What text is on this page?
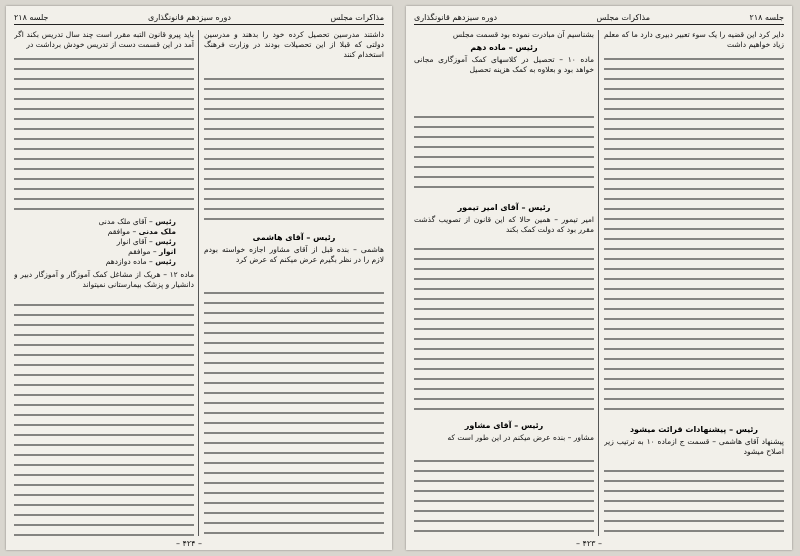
مذاکرات مجلس
دوره سیزدهم قانونگذاری
جلسه ۲۱۸

داشتند مدرسین تحصیل کرده خود را بدهند و مدرسین دولتی که قبلا از این تحصیلات بودند در وزارت فرهنگ استخدام کنند

رئیس – آقای هاشمی

هاشمی – بنده قبل از آقای مشاور اجازه خواسته بودم لازم را در نظر بگیرم عرض میکنم که عرض کرد

باید پیرو قانون التبه مقرر است چند سال تدریس بکند اگر آمد در این قسمت دست از تدریس خودش برداشت در

رئیس – آقای ملک مدنی
ملک مدنی – موافقم
رئیس – آقای انوار
انوار – موافقم
رئیس – ماده دوازدهم

ماده ۱۲ – هریک از مشاغل کمک آموزگار و آموزگار دبیر و دانشیار و پزشک بیمارستانی نمیتواند

– ۴۲۴ –
جلسه ۲۱۸
مذاکرات مجلس
دوره سیزدهم قانونگذاری

دایر کرد این قضیه را یک سوء تعبیر دبیری دارد ما که معلم زیاد خواهیم داشت

رئیس – پیشنهادات قرائت میشود

پیشنهاد آقای هاشمی – قسمت ج ازماده ۱۰ به ترتیب زیر اصلاح میشود

بشناسیم آن مبادرت نموده بود قسمت مجلس

رئیس – ماده دهم

ماده ۱۰ – تحصیل در کلاسهای کمک آموزگاری مجانی خواهد بود و بعلاوه به کمک هزینه تحصیل

رئیس – آقای امیر تیمور

امیر تیمور – همین حالا که این قانون از تصویب گذشت مقرر بود که دولت کمک بکند

رئیس – آقای مشاور

مشاور – بنده عرض میکنم در این طور است که

– ۴۲۳ –
